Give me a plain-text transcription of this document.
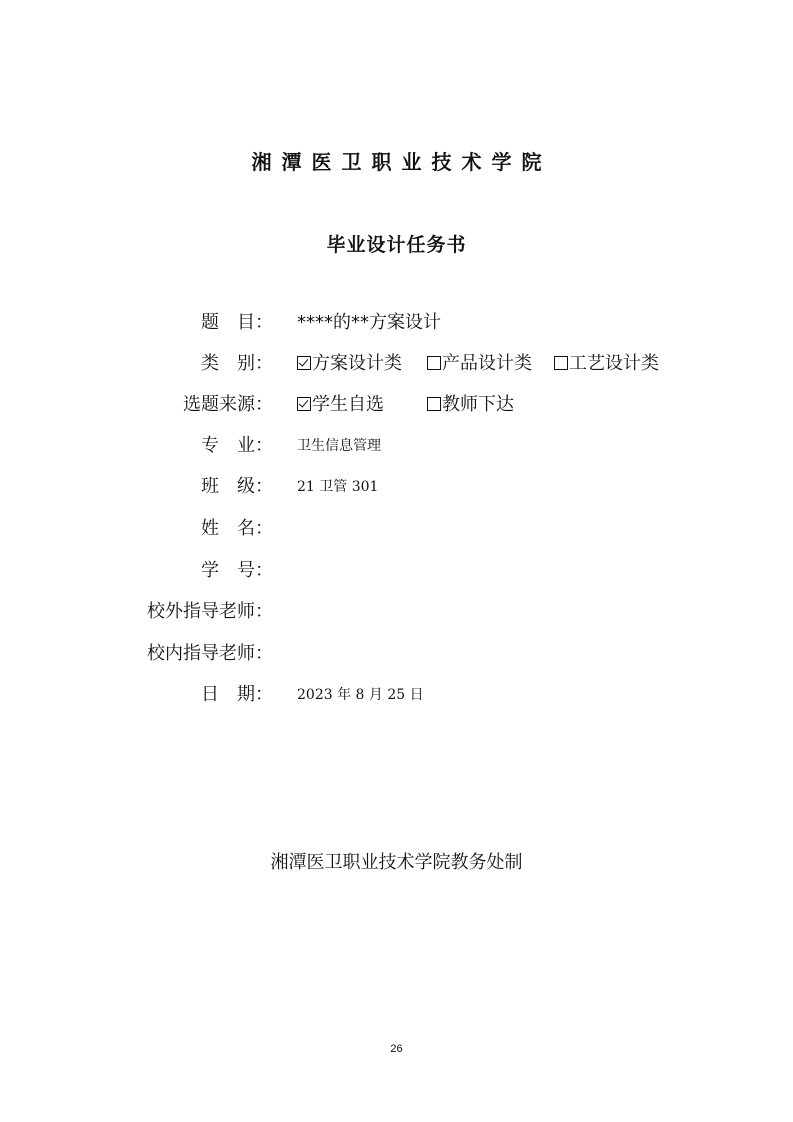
湘潭医卫职业技术学院
毕业设计任务书
题　目： ****的**方案设计
类　别：	方案设计类	产品设计类	工艺设计类
选题来源：	学生自选	教师下达
专　业： 卫生信息管理
班　级： 21 卫管 301
姓　名：
学　号：
校外指导老师：
校内指导老师：
日　期： 2023 年 8 月 25 日
湘潭医卫职业技术学院教务处制
26
